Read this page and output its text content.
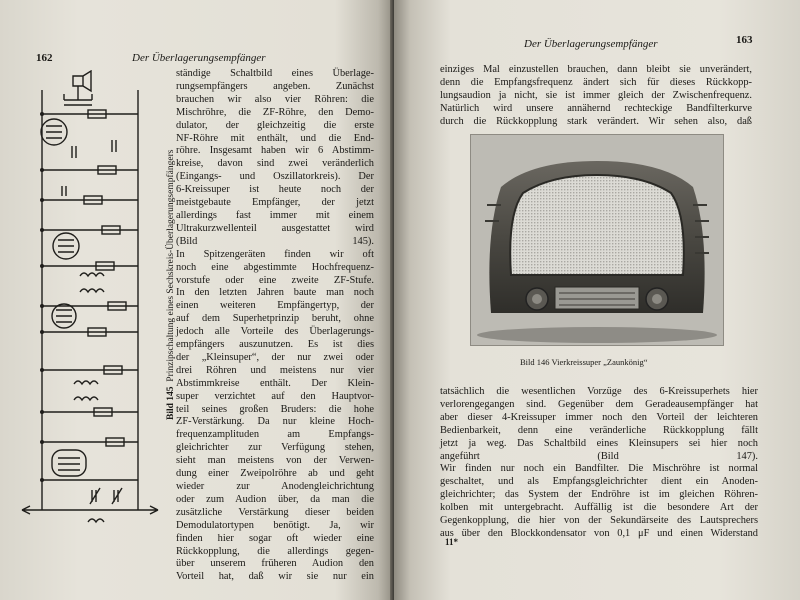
162	Der Überlagerungsempfänger
Bild 145  Prinzipschaltung eines Sechskreis-Überlagerungsempfängers
ständige Schaltbild eines Überlage-
rungsempfängers angeben. Zunächst
brauchen wir also vier Röhren: die
Mischröhre, die ZF-Röhre, den Demo-
dulator, der gleichzeitig die erste
NF-Röhre mit enthält, und die End-
röhre. Insgesamt haben wir 6 Abstimm-
kreise, davon sind zwei veränderlich
(Eingangs- und Oszillatorkreis). Der
6-Kreissuper ist heute noch der
meistgebaute Empfänger, der jetzt
allerdings fast immer mit einem
Ultrakurzwellenteil ausgestattet wird
(Bild 145).
In Spitzengeräten finden wir oft
noch eine abgestimmte Hochfrequenz-
vorstufe oder eine zweite ZF-Stufe.
In den letzten Jahren baute man noch
einen weiteren Empfängertyp, der
auf dem Superhetprinzip beruht, ohne
jedoch alle Vorteile des Überlagerungs-
empfängers auszunutzen. Es ist dies
der „Kleinsuper“, der nur zwei oder
drei Röhren und meistens nur vier
Abstimmkreise enthält. Der Klein-
super verzichtet auf den Hauptvor-
teil seines großen Bruders: die hohe
ZF-Verstärkung. Da nur kleine Hoch-
frequenzamplituden am Empfangs-
gleichrichter zur Verfügung stehen,
sieht man meistens von der Verwen-
dung einer Zweipolröhre ab und geht
wieder zur Anodengleichrichtung
oder zum Audion über, da man die
zusätzliche Verstärkung dieser beiden
Demodulatortypen benötigt. Ja, wir
finden hier sogar oft wieder eine
Rückkopplung, die allerdings gegen-
über unserem früheren Audion den
Vorteil hat, daß wir sie nur ein
Der Überlagerungsempfänger	163
einziges Mal einzustellen brauchen, dann bleibt sie unverändert,
denn die Empfangsfrequenz ändert sich für dieses Rückkopp-
lungsaudion ja nicht, sie ist immer gleich der Zwischenfrequenz.
Natürlich wird unsere annähernd rechteckige Bandfilterkurve
durch die Rückkopplung stark verändert. Wir sehen also, daß
tatsächlich die wesentlichen Vorzüge des 6-Kreissuperhets hier
verlorengegangen sind. Gegenüber dem Geradeausempfänger hat
aber dieser 4-Kreissuper immer noch den Vorteil der leichteren
Bedienbarkeit, denn eine veränderliche Rückkopplung fällt
jetzt ja weg. Das Schaltbild eines Kleinsupers sei hier noch
angeführt (Bild 147).
Wir finden nur noch ein Bandfilter. Die Mischröhre ist normal
geschaltet, und als Empfangsgleichrichter dient ein Anoden-
gleichrichter; das System der Endröhre ist im gleichen Röhren-
kolben mit untergebracht. Auffällig ist die besondere Art der
Gegenkopplung, die hier von der Sekundärseite des Lautsprechers
aus über den Blockkondensator von 0,1 μF und einen Widerstand
Bild 146 Vierkreissuper „Zaunkönig“
11*
